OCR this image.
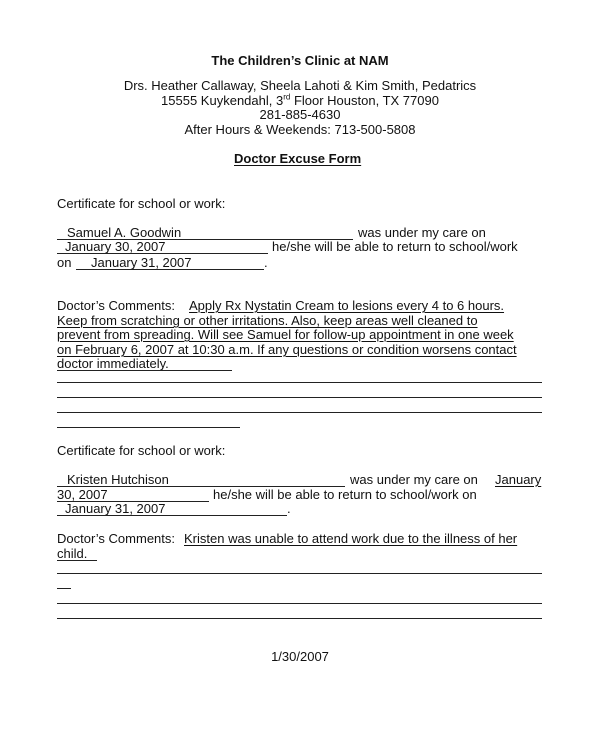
The Children’s Clinic at NAM
Drs. Heather Callaway, Sheela Lahoti & Kim Smith, Pedatrics
15555 Kuykendahl, 3rd Floor Houston, TX 77090
281-885-4630
After Hours & Weekends: 713-500-5808
Doctor Excuse Form
Certificate for school or work:
Samuel A. Goodwin	was under my care on
January 30, 2007	he/she will be able to return to school/work
on January 31, 2007	.
Doctor’s Comments: Apply Rx Nystatin Cream to lesions every 4 to 6 hours.
Keep from scratching or other irritations. Also, keep areas well cleaned to
prevent from spreading. Will see Samuel for follow-up appointment in one week
on February 6, 2007 at 10:30 a.m. If any questions or condition worsens contact
doctor immediately.
Certificate for school or work:
Kristen Hutchison	was under my care on January
30, 2007	he/she will be able to return to school/work on
January 31, 2007	.
Doctor’s Comments: Kristen was unable to attend work due to the illness of her
child.
1/30/2007
